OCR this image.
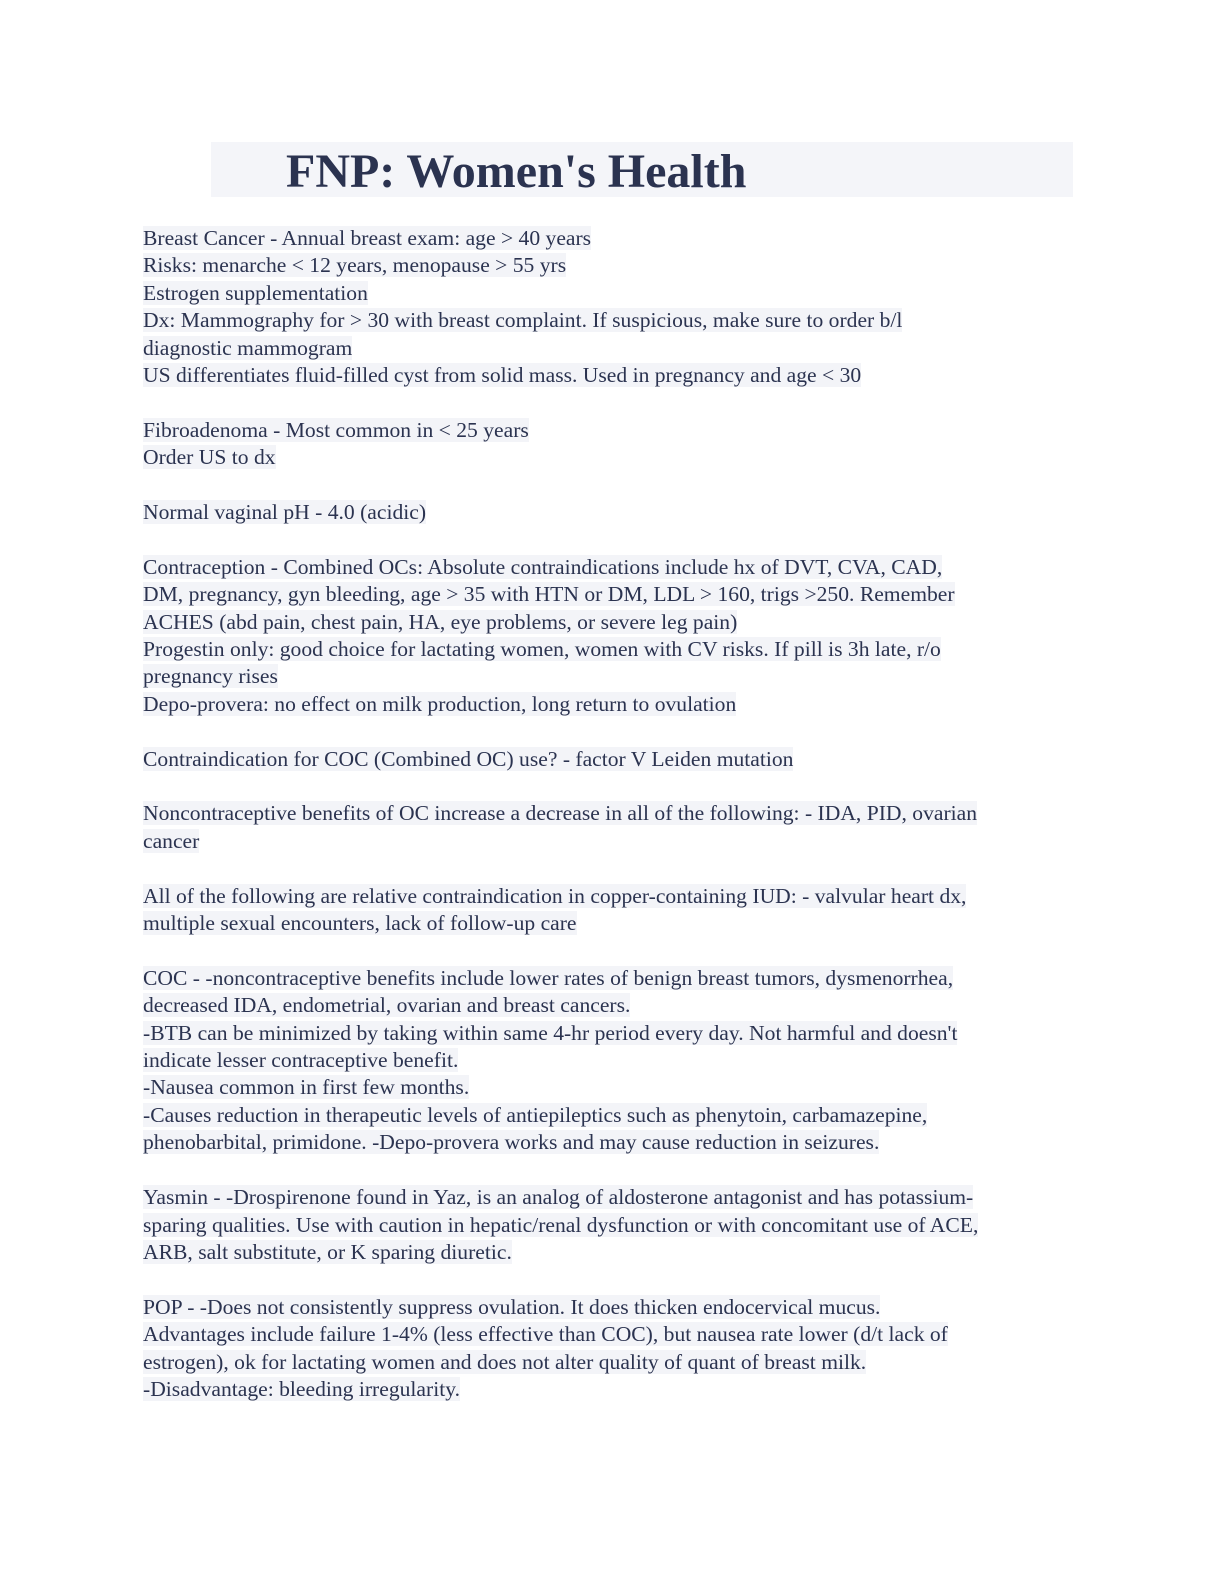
FNP: Women's Health
Breast Cancer - Annual breast exam: age > 40 years
Risks: menarche < 12 years, menopause > 55 yrs
Estrogen supplementation
Dx: Mammography for > 30 with breast complaint. If suspicious, make sure to order b/l
diagnostic mammogram
US differentiates fluid-filled cyst from solid mass. Used in pregnancy and age < 30
Fibroadenoma - Most common in < 25 years
Order US to dx
Normal vaginal pH - 4.0 (acidic)
Contraception - Combined OCs: Absolute contraindications include hx of DVT, CVA, CAD,
DM, pregnancy, gyn bleeding, age > 35 with HTN or DM, LDL > 160, trigs >250. Remember
ACHES (abd pain, chest pain, HA, eye problems, or severe leg pain)
Progestin only: good choice for lactating women, women with CV risks. If pill is 3h late, r/o
pregnancy rises
Depo-provera: no effect on milk production, long return to ovulation
Contraindication for COC (Combined OC) use? - factor V Leiden mutation
Noncontraceptive benefits of OC increase a decrease in all of the following: - IDA, PID, ovarian
cancer
All of the following are relative contraindication in copper-containing IUD: - valvular heart dx,
multiple sexual encounters, lack of follow-up care
COC - -noncontraceptive benefits include lower rates of benign breast tumors, dysmenorrhea,
decreased IDA, endometrial, ovarian and breast cancers.
-BTB can be minimized by taking within same 4-hr period every day. Not harmful and doesn't
indicate lesser contraceptive benefit.
-Nausea common in first few months.
-Causes reduction in therapeutic levels of antiepileptics such as phenytoin, carbamazepine,
phenobarbital, primidone. -Depo-provera works and may cause reduction in seizures.
Yasmin - -Drospirenone found in Yaz, is an analog of aldosterone antagonist and has potassium-
sparing qualities. Use with caution in hepatic/renal dysfunction or with concomitant use of ACE,
ARB, salt substitute, or K sparing diuretic.
POP - -Does not consistently suppress ovulation. It does thicken endocervical mucus.
Advantages include failure 1-4% (less effective than COC), but nausea rate lower (d/t lack of
estrogen), ok for lactating women and does not alter quality of quant of breast milk.
-Disadvantage: bleeding irregularity.
